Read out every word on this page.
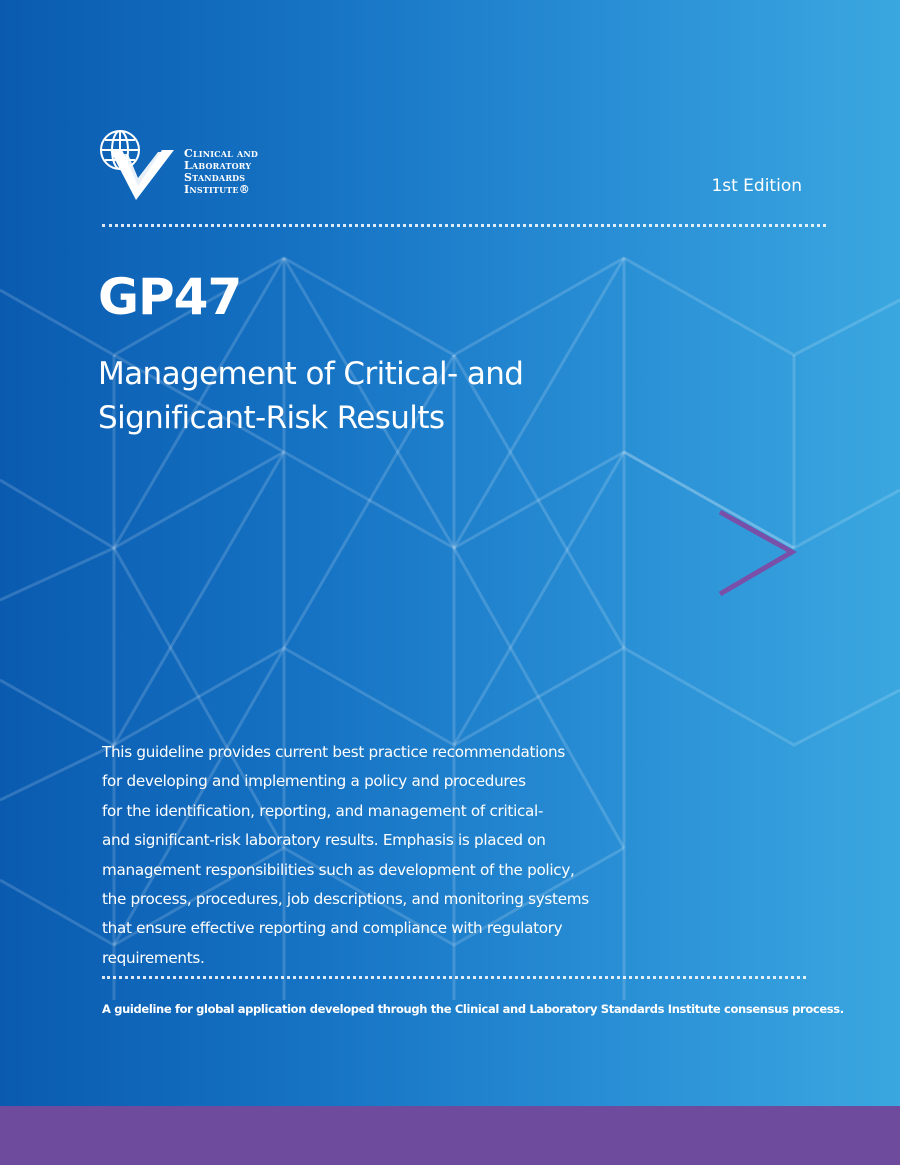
Clinical and
Laboratory
Standards
Institute®	1st Edition
GP47
Management of Critical- and
Significant-Risk Results
This guideline provides current best practice recommendations
for developing and implementing a policy and procedures
for the identification, reporting, and management of critical-
and significant-risk laboratory results. Emphasis is placed on
management responsibilities such as development of the policy,
the process, procedures, job descriptions, and monitoring systems
that ensure effective reporting and compliance with regulatory
requirements.
A guideline for global application developed through the Clinical and Laboratory Standards Institute consensus process.
